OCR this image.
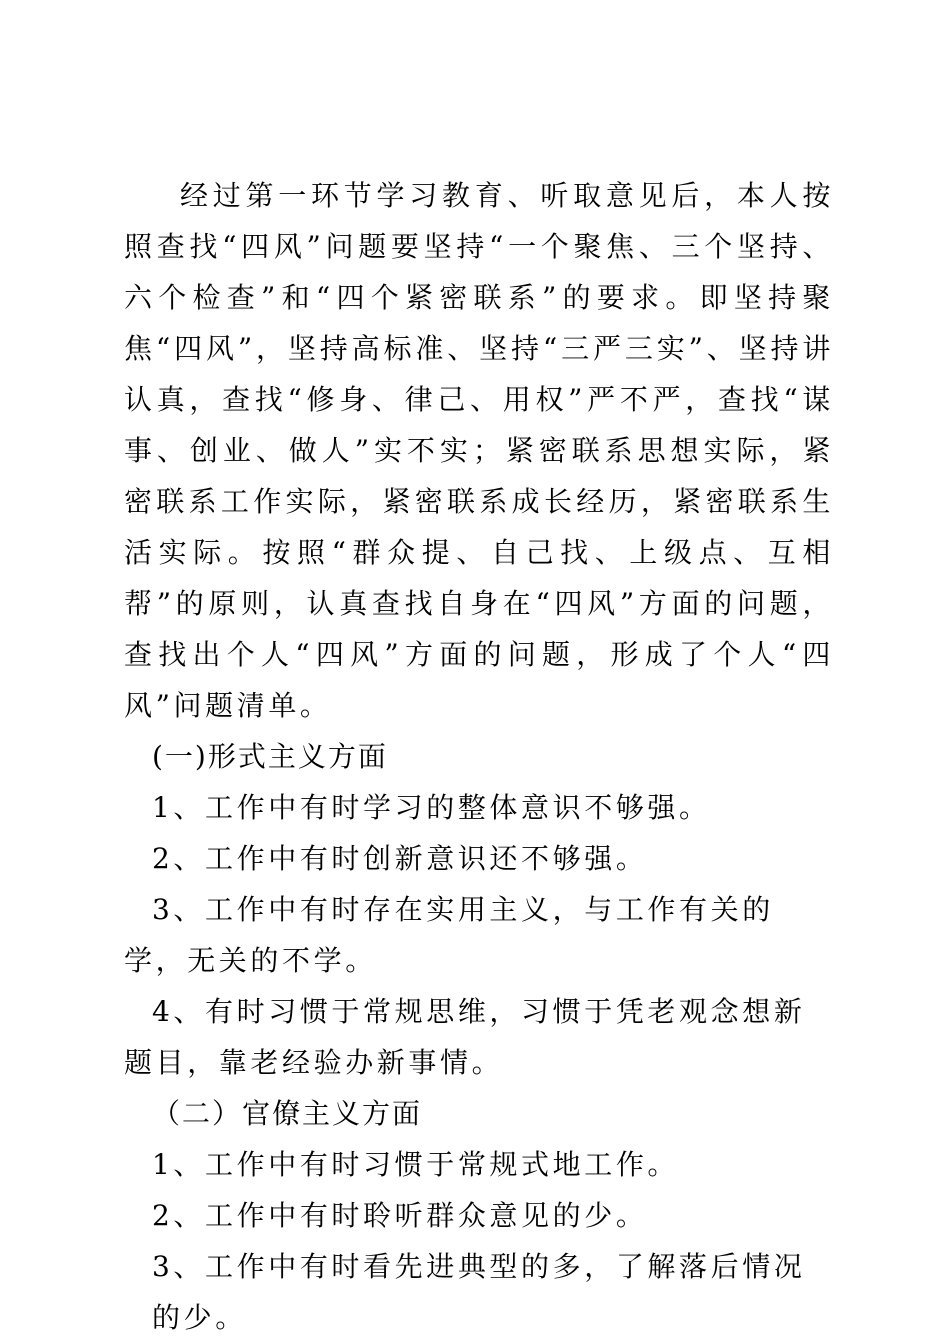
经过第一环节学习教育、听取意见后，本人按照查找“四风”问题要坚持“一个聚焦、三个坚持、六个检查”和“四个紧密联系”的要求。即坚持聚焦“四风”，坚持高标准、坚持“三严三实”、坚持讲认真，查找“修身、律己、用权”严不严，查找“谋事、创业、做人”实不实；紧密联系思想实际，紧密联系工作实际，紧密联系成长经历，紧密联系生活实际。按照“群众提、自己找、上级点、互相帮”的原则，认真查找自身在“四风”方面的问题，查找出个人“四风”方面的问题，形成了个人“四风”问题清单。

(一)形式主义方面

1、工作中有时学习的整体意识不够强。

2、工作中有时创新意识还不够强。

3、工作中有时存在实用主义，与工作有关的学，无关的不学。

4、有时习惯于常规思维，习惯于凭老观念想新题目，靠老经验办新事情。

（二）官僚主义方面

1、工作中有时习惯于常规式地工作。

2、工作中有时聆听群众意见的少。

3、工作中有时看先进典型的多，了解落后情况的少。
